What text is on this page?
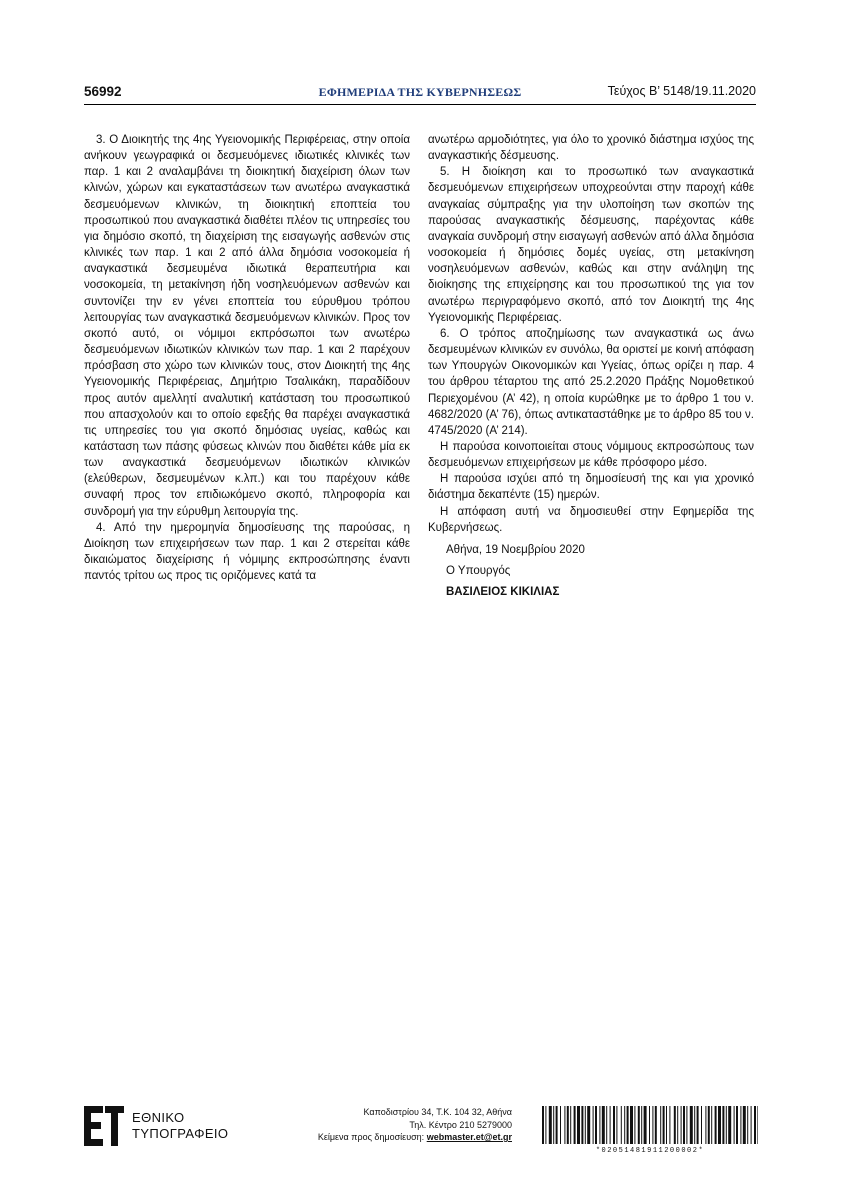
56992	ΕΦΗΜΕΡΙΔΑ ΤΗΣ ΚΥΒΕΡΝΗΣΕΩΣ	Τεύχος B’ 5148/19.11.2020

3. Ο Διοικητής της 4ης Υγειονομικής Περιφέρειας, στην οποία ανήκουν γεωγραφικά οι δεσμευόμενες ιδιωτικές κλινικές των παρ. 1 και 2 αναλαμβάνει τη διοικητική διαχείριση όλων των κλινών, χώρων και εγκαταστάσεων των ανωτέρω αναγκαστικά δεσμευόμενων κλινικών, τη διοικητική εποπτεία του προσωπικού που αναγκαστικά διαθέτει πλέον τις υπηρεσίες του για δημόσιο σκοπό, τη διαχείριση της εισαγωγής ασθενών στις κλινικές των παρ. 1 και 2 από άλλα δημόσια νοσοκομεία ή αναγκαστικά δεσμευμένα ιδιωτικά θεραπευτήρια και νοσοκομεία, τη μετακίνηση ήδη νοσηλευόμενων ασθενών και συντονίζει την εν γένει εποπτεία του εύρυθμου τρόπου λειτουργίας των αναγκαστικά δεσμευόμενων κλινικών. Προς τον σκοπό αυτό, οι νόμιμοι εκπρόσωποι των ανωτέρω δεσμευόμενων ιδιωτικών κλινικών των παρ. 1 και 2 παρέχουν πρόσβαση στο χώρο των κλινικών τους, στον Διοικητή της 4ης Υγειονομικής Περιφέρειας, Δημήτριο Τσαλικάκη, παραδίδουν προς αυτόν αμελλητί αναλυτική κατάσταση του προσωπικού που απασχολούν και το οποίο εφεξής θα παρέχει αναγκαστικά τις υπηρεσίες του για σκοπό δημόσιας υγείας, καθώς και κατάσταση των πάσης φύσεως κλινών που διαθέτει κάθε μία εκ των αναγκαστικά δεσμευόμενων ιδιωτικών κλινικών (ελεύθερων, δεσμευμένων κ.λπ.) και του παρέχουν κάθε συναφή προς τον επιδιωκόμενο σκοπό, πληροφορία και συνδρομή για την εύρυθμη λειτουργία της.

4. Από την ημερομηνία δημοσίευσης της παρούσας, η Διοίκηση των επιχειρήσεων των παρ. 1 και 2 στερείται κάθε δικαιώματος διαχείρισης ή νόμιμης εκπροσώπησης έναντι παντός τρίτου ως προς τις οριζόμενες κατά τα

ανωτέρω αρμοδιότητες, για όλο το χρονικό διάστημα ισχύος της αναγκαστικής δέσμευσης.

5. Η διοίκηση και το προσωπικό των αναγκαστικά δεσμευόμενων επιχειρήσεων υποχρεούνται στην παροχή κάθε αναγκαίας σύμπραξης για την υλοποίηση των σκοπών της παρούσας αναγκαστικής δέσμευσης, παρέχοντας κάθε αναγκαία συνδρομή στην εισαγωγή ασθενών από άλλα δημόσια νοσοκομεία ή δημόσιες δομές υγείας, στη μετακίνηση νοσηλευόμενων ασθενών, καθώς και στην ανάληψη της διοίκησης της επιχείρησης και του προσωπικού της για τον ανωτέρω περιγραφόμενο σκοπό, από τον Διοικητή της 4ης Υγειονομικής Περιφέρειας.

6. Ο τρόπος αποζημίωσης των αναγκαστικά ως άνω δεσμευμένων κλινικών εν συνόλω, θα οριστεί με κοινή απόφαση των Υπουργών Οικονομικών και Υγείας, όπως ορίζει η παρ. 4 του άρθρου τέταρτου της από 25.2.2020 Πράξης Νομοθετικού Περιεχομένου (Α’ 42), η οποία κυρώθηκε με το άρθρο 1 του ν. 4682/2020 (Α’ 76), όπως αντικαταστάθηκε με το άρθρο 85 του ν. 4745/2020 (Α’ 214).

Η παρούσα κοινοποιείται στους νόμιμους εκπροσώπους των δεσμευόμενων επιχειρήσεων με κάθε πρόσφορο μέσο.

Η παρούσα ισχύει από τη δημοσίευσή της και για χρονικό διάστημα δεκαπέντε (15) ημερών.

Η απόφαση αυτή να δημοσιευθεί στην Εφημερίδα της Κυβερνήσεως.

Αθήνα, 19 Νοεμβρίου 2020
Ο Υπουργός
ΒΑΣΙΛΕΙΟΣ ΚΙΚΙΛΙΑΣ
ΕΘΝΙΚΟ
ΤΥΠΟΓΡΑΦΕΙΟ
Καποδιστρίου 34, Τ.Κ. 104 32, Αθήνα
Τηλ. Κέντρο 210 5279000
Κείμενα προς δημοσίευση: webmaster.et@et.gr
*02051481911200002*
